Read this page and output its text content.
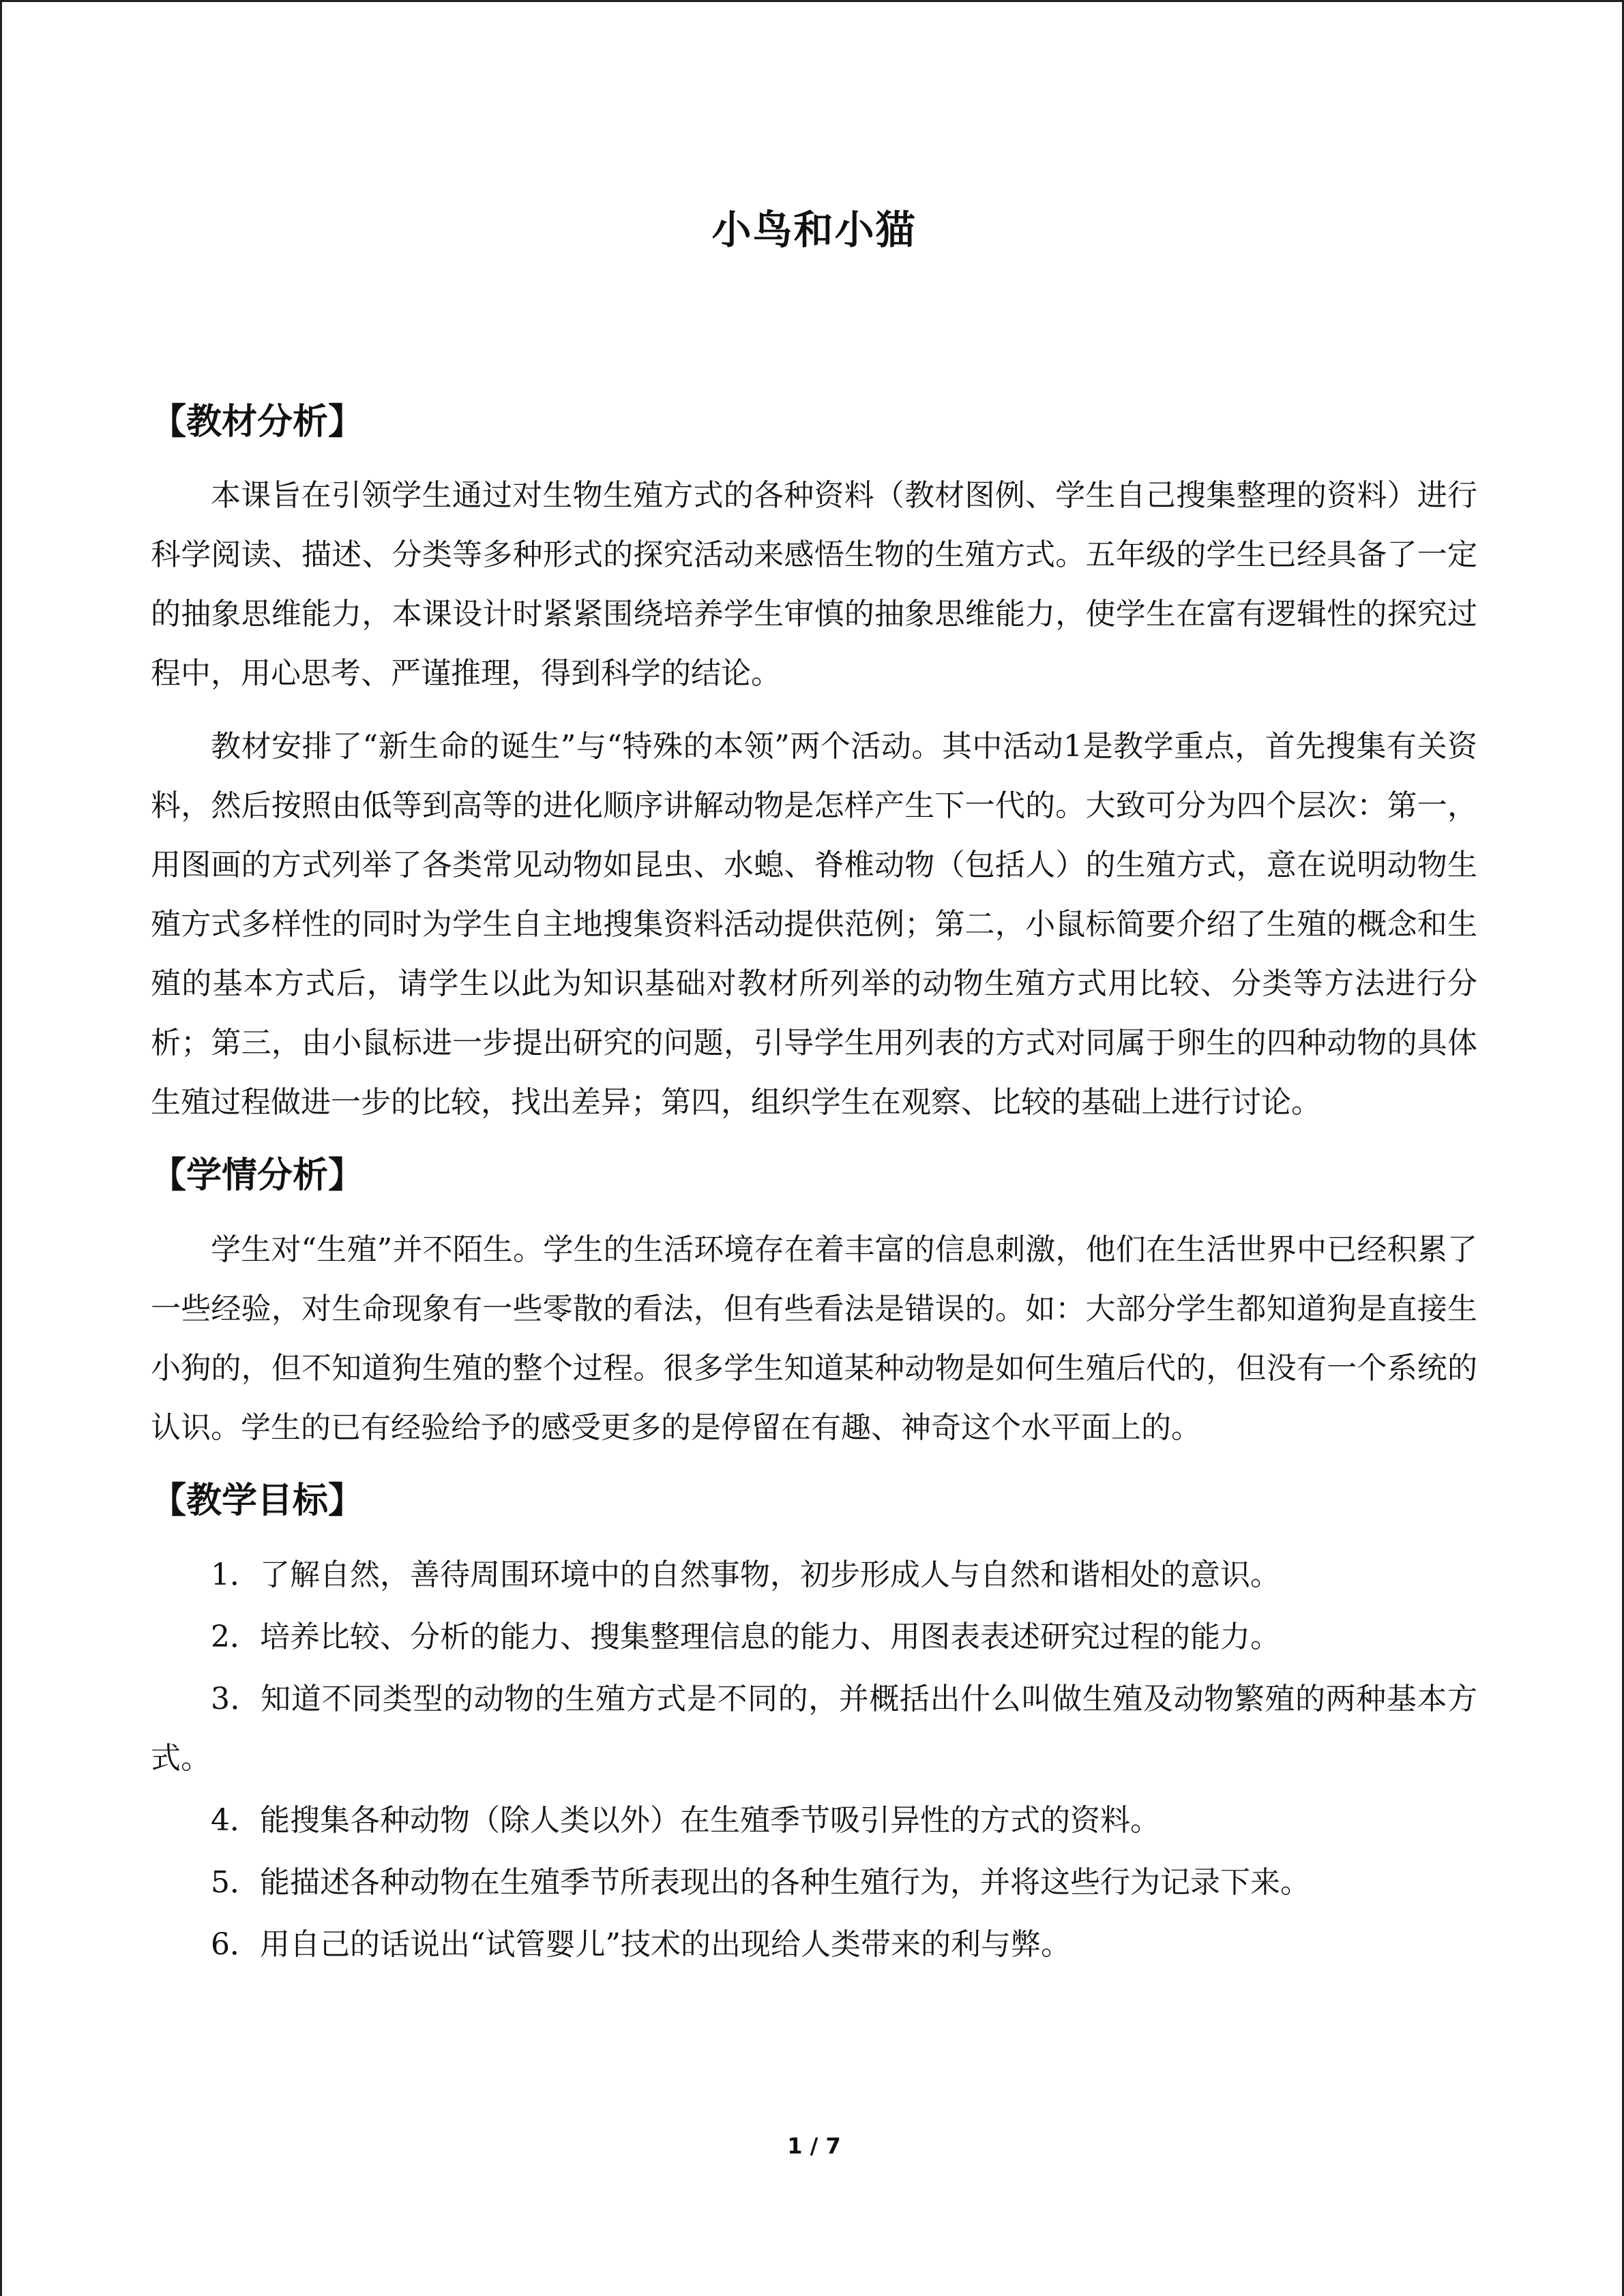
小鸟和小猫
【教材分析】

本课旨在引领学生通过对生物生殖方式的各种资料（教材图例、学生自己搜集整理的资料）进行科学阅读、描述、分类等多种形式的探究活动来感悟生物的生殖方式。五年级的学生已经具备了一定的抽象思维能力，本课设计时紧紧围绕培养学生审慎的抽象思维能力，使学生在富有逻辑性的探究过程中，用心思考、严谨推理，得到科学的结论。

教材安排了“新生命的诞生”与“特殊的本领”两个活动。其中活动1是教学重点，首先搜集有关资料，然后按照由低等到高等的进化顺序讲解动物是怎样产生下一代的。大致可分为四个层次：第一，用图画的方式列举了各类常见动物如昆虫、水螅、脊椎动物（包括人）的生殖方式，意在说明动物生殖方式多样性的同时为学生自主地搜集资料活动提供范例；第二，小鼠标简要介绍了生殖的概念和生殖的基本方式后，请学生以此为知识基础对教材所列举的动物生殖方式用比较、分类等方法进行分析；第三，由小鼠标进一步提出研究的问题，引导学生用列表的方式对同属于卵生的四种动物的具体生殖过程做进一步的比较，找出差异；第四，组织学生在观察、比较的基础上进行讨论。

【学情分析】

学生对“生殖”并不陌生。学生的生活环境存在着丰富的信息刺激，他们在生活世界中已经积累了一些经验，对生命现象有一些零散的看法，但有些看法是错误的。如：大部分学生都知道狗是直接生小狗的，但不知道狗生殖的整个过程。很多学生知道某种动物是如何生殖后代的，但没有一个系统的认识。学生的已有经验给予的感受更多的是停留在有趣、神奇这个水平面上的。

【教学目标】

1．了解自然，善待周围环境中的自然事物，初步形成人与自然和谐相处的意识。

2．培养比较、分析的能力、搜集整理信息的能力、用图表表述研究过程的能力。

3．知道不同类型的动物的生殖方式是不同的，并概括出什么叫做生殖及动物繁殖的两种基本方式。

4．能搜集各种动物（除人类以外）在生殖季节吸引异性的方式的资料。

5．能描述各种动物在生殖季节所表现出的各种生殖行为，并将这些行为记录下来。

6．用自己的话说出“试管婴儿”技术的出现给人类带来的利与弊。

1 / 7
